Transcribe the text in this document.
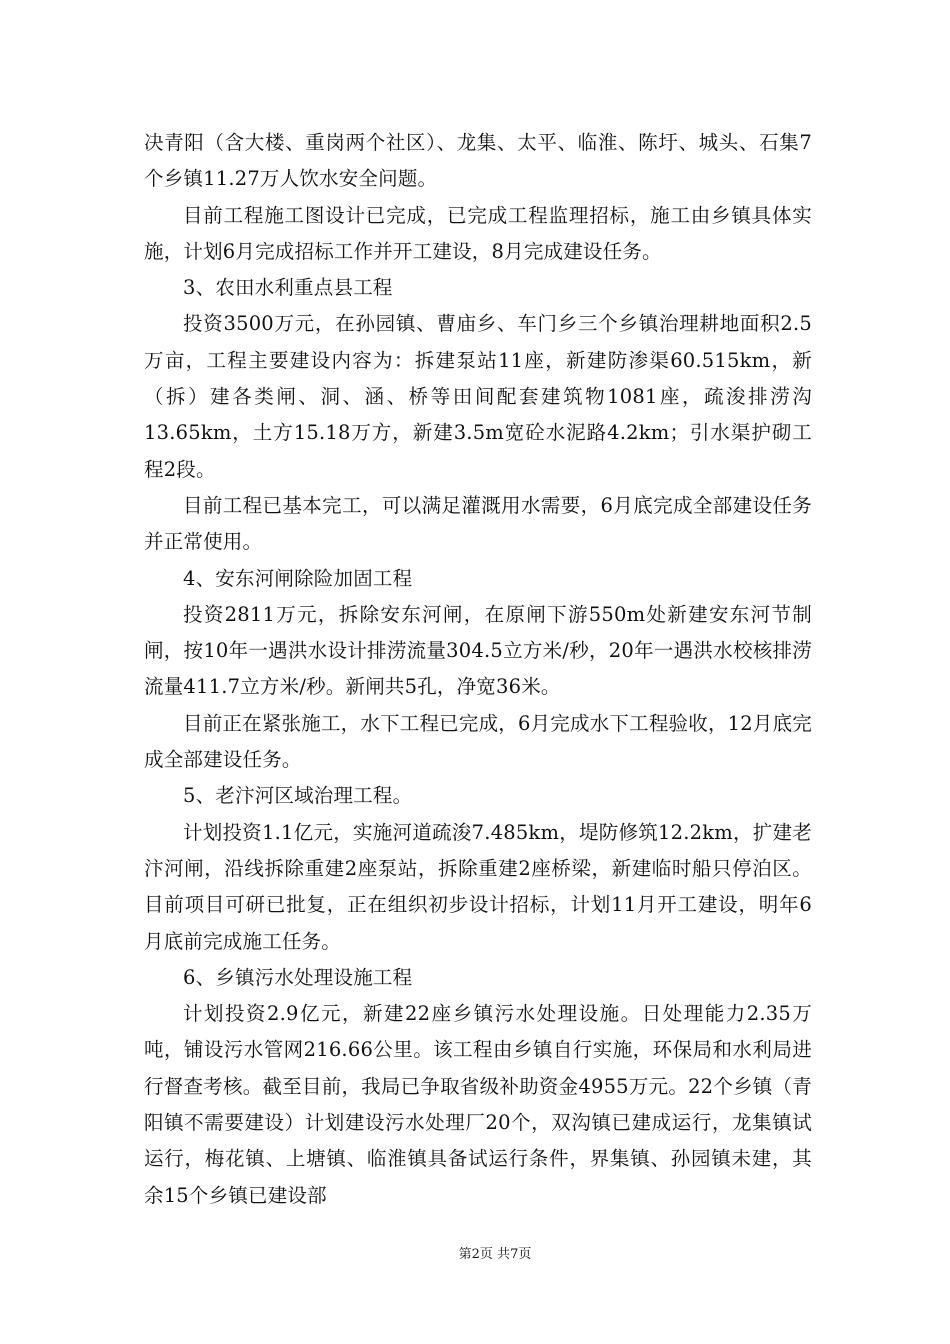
决青阳（含大楼、重岗两个社区）、龙集、太平、临淮、陈圩、城头、石集7个乡镇11.27万人饮水安全问题。

目前工程施工图设计已完成，已完成工程监理招标，施工由乡镇具体实施，计划6月完成招标工作并开工建设，8月完成建设任务。

3、农田水利重点县工程

投资3500万元，在孙园镇、曹庙乡、车门乡三个乡镇治理耕地面积2.5万亩，工程主要建设内容为：拆建泵站11座，新建防渗渠60.515km，新（拆）建各类闸、洞、涵、桥等田间配套建筑物1081座，疏浚排涝沟13.65km，土方15.18万方，新建3.5m宽砼水泥路4.2km；引水渠护砌工程2段。

目前工程已基本完工，可以满足灌溉用水需要，6月底完成全部建设任务并正常使用。

4、安东河闸除险加固工程

投资2811万元，拆除安东河闸，在原闸下游550m处新建安东河节制闸，按10年一遇洪水设计排涝流量304.5立方米/秒，20年一遇洪水校核排涝流量411.7立方米/秒。新闸共5孔，净宽36米。

目前正在紧张施工，水下工程已完成，6月完成水下工程验收，12月底完成全部建设任务。

5、老汴河区域治理工程。

计划投资1.1亿元，实施河道疏浚7.485km，堤防修筑12.2km，扩建老汴河闸，沿线拆除重建2座泵站，拆除重建2座桥梁，新建临时船只停泊区。目前项目可研已批复，正在组织初步设计招标，计划11月开工建设，明年6月底前完成施工任务。

6、乡镇污水处理设施工程

计划投资2.9亿元，新建22座乡镇污水处理设施。日处理能力2.35万吨，铺设污水管网216.66公里。该工程由乡镇自行实施，环保局和水利局进行督查考核。截至目前，我局已争取省级补助资金4955万元。22个乡镇（青阳镇不需要建设）计划建设污水处理厂20个，双沟镇已建成运行，龙集镇试运行，梅花镇、上塘镇、临淮镇具备试运行条件，界集镇、孙园镇未建，其余15个乡镇已建设部

第2页 共7页
